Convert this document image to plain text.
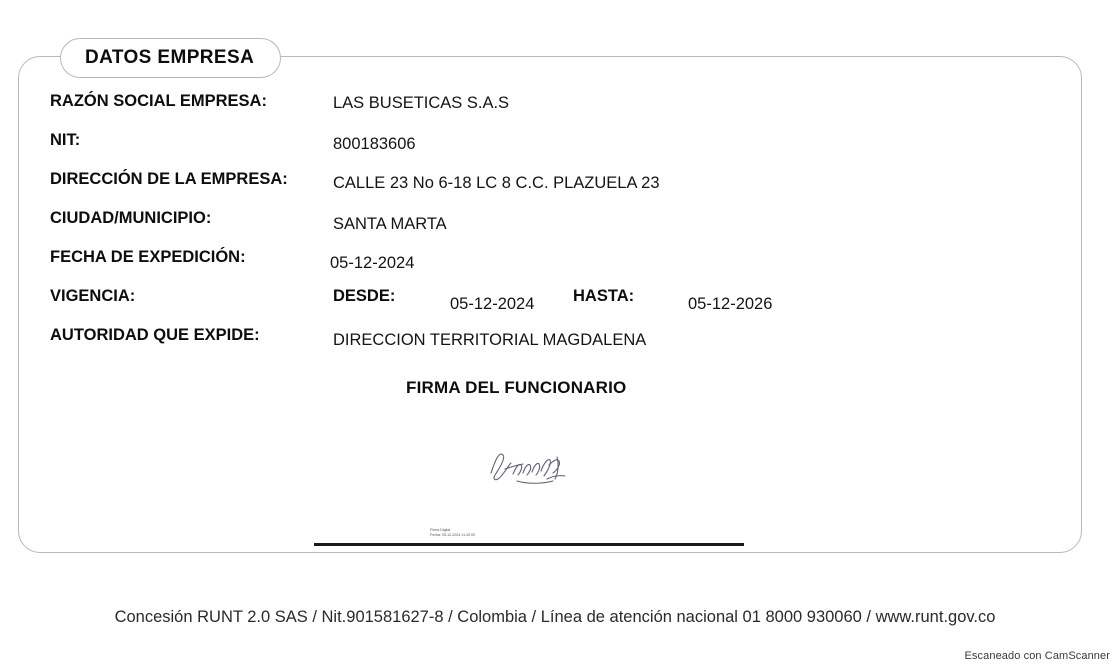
DATOS EMPRESA
RAZÓN SOCIAL EMPRESA:	LAS BUSETICAS S.A.S
NIT:	800183606
DIRECCIÓN DE LA EMPRESA:	CALLE 23 No 6-18 LC 8 C.C. PLAZUELA 23
CIUDAD/MUNICIPIO:	SANTA MARTA
FECHA DE EXPEDICIÓN:	05-12-2024
VIGENCIA:	DESDE:	05-12-2024 HASTA:	05-12-2026
AUTORIDAD QUE EXPIDE:	DIRECCION TERRITORIAL MAGDALENA
FIRMA DEL FUNCIONARIO
Firma Digital
Fecha: 05-12-2024 11:32:00
Concesión RUNT 2.0 SAS / Nit.901581627-8 / Colombia / Línea de atención nacional 01 8000 930060 / www.runt.gov.co
Escaneado con CamScanner
